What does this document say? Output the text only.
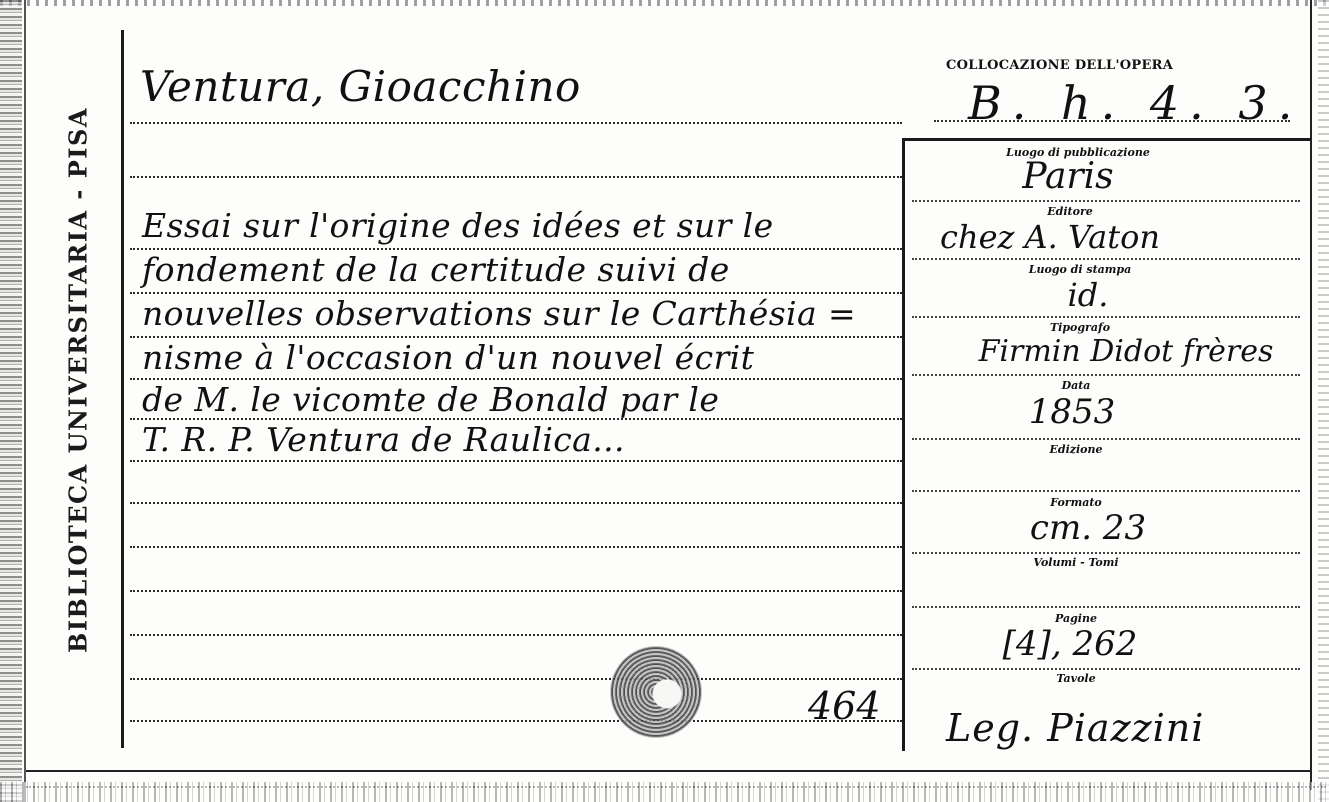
BIBLIOTECA UNIVERSITARIA - PISA
Ventura, Gioacchino
Essai sur l'origine des idées et sur le
fondement de la certitude suivi de
nouvelles observations sur le Carthésia =
nisme à l'occasion d'un nouvel écrit
de M. le vicomte de Bonald par le
T. R. P. Ventura de Raulica...
COLLOCAZIONE DELL'OPERA
B. h. 4. 3.
Luogo di pubblicazione
Paris
Editore
chez A. Vaton
Luogo di stampa
id.
Tipografo
Firmin Didot frères
Data
1853
Edizione
Formato
cm. 23
Volumi - Tomi
Pagine
[4], 262
Tavole
464 Leg. Piazzini
